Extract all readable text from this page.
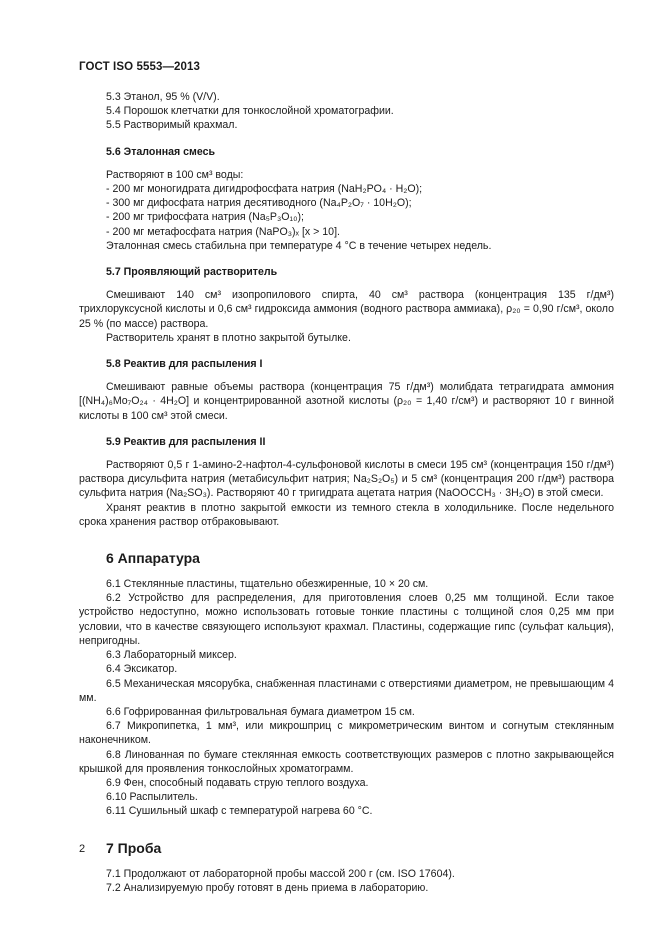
ГОСТ ISO 5553—2013

5.3 Этанол, 95 % (V/V).

5.4 Порошок клетчатки для тонкослойной хроматографии.

5.5 Растворимый крахмал.

5.6 Эталонная смесь

Растворяют в 100 см³ воды:

- 200 мг моногидрата дигидрофосфата натрия (NaH₂PO₄ · H₂O);

- 300 мг дифосфата натрия десятиводного (Na₄P₂O₇ · 10H₂O);

- 200 мг трифосфата натрия (Na₅P₃O₁₀);

- 200 мг метафосфата натрия (NaPO₃)ₓ [x > 10].

Эталонная смесь стабильна при температуре 4 °C в течение четырех недель.

5.7 Проявляющий растворитель

Смешивают 140 см³ изопропилового спирта, 40 см³ раствора (концентрация 135 г/дм³) трихлоруксусной кислоты и 0,6 см³ гидроксида аммония (водного раствора аммиака), ρ₂₀ = 0,90 г/см³, около 25 % (по массе) раствора.

Растворитель хранят в плотно закрытой бутылке.

5.8 Реактив для распыления I

Смешивают равные объемы раствора (концентрация 75 г/дм³) молибдата тетрагидрата аммония [(NH₄)₆Mo₇O₂₄ · 4H₂O] и концентрированной азотной кислоты (ρ₂₀ = 1,40 г/см³) и растворяют 10 г винной кислоты в 100 см³ этой смеси.

5.9 Реактив для распыления II

Растворяют 0,5 г 1-амино-2-нафтол-4-сульфоновой кислоты в смеси 195 см³ (концентрация 150 г/дм³) раствора дисульфита натрия (метабисульфит натрия; Na₂S₂O₅) и 5 см³ (концентрация 200 г/дм³) раствора сульфита натрия (Na₂SO₃). Растворяют 40 г тригидрата ацетата натрия (NaOOCCH₃ · 3H₂O) в этой смеси.

Хранят реактив в плотно закрытой емкости из темного стекла в холодильнике. После недельного срока хранения раствор отбраковывают.

6 Аппаратура

6.1 Стеклянные пластины, тщательно обезжиренные, 10 × 20 см.

6.2 Устройство для распределения, для приготовления слоев 0,25 мм толщиной. Если такое устройство недоступно, можно использовать готовые тонкие пластины с толщиной слоя 0,25 мм при условии, что в качестве связующего используют крахмал. Пластины, содержащие гипс (сульфат кальция), непригодны.

6.3 Лабораторный миксер.

6.4 Эксикатор.

6.5 Механическая мясорубка, снабженная пластинами с отверстиями диаметром, не превышающим 4 мм.

6.6 Гофрированная фильтровальная бумага диаметром 15 см.

6.7 Микропипетка, 1 мм³, или микрошприц с микрометрическим винтом и согнутым стеклянным наконечником.

6.8 Линованная по бумаге стеклянная емкость соответствующих размеров с плотно закрывающейся крышкой для проявления тонкослойных хроматограмм.

6.9 Фен, способный подавать струю теплого воздуха.

6.10 Распылитель.

6.11 Сушильный шкаф с температурой нагрева 60 °C.

7 Проба

7.1 Продолжают от лабораторной пробы массой 200 г (см. ISO 17604).

7.2 Анализируемую пробу готовят в день приема в лабораторию.

2
